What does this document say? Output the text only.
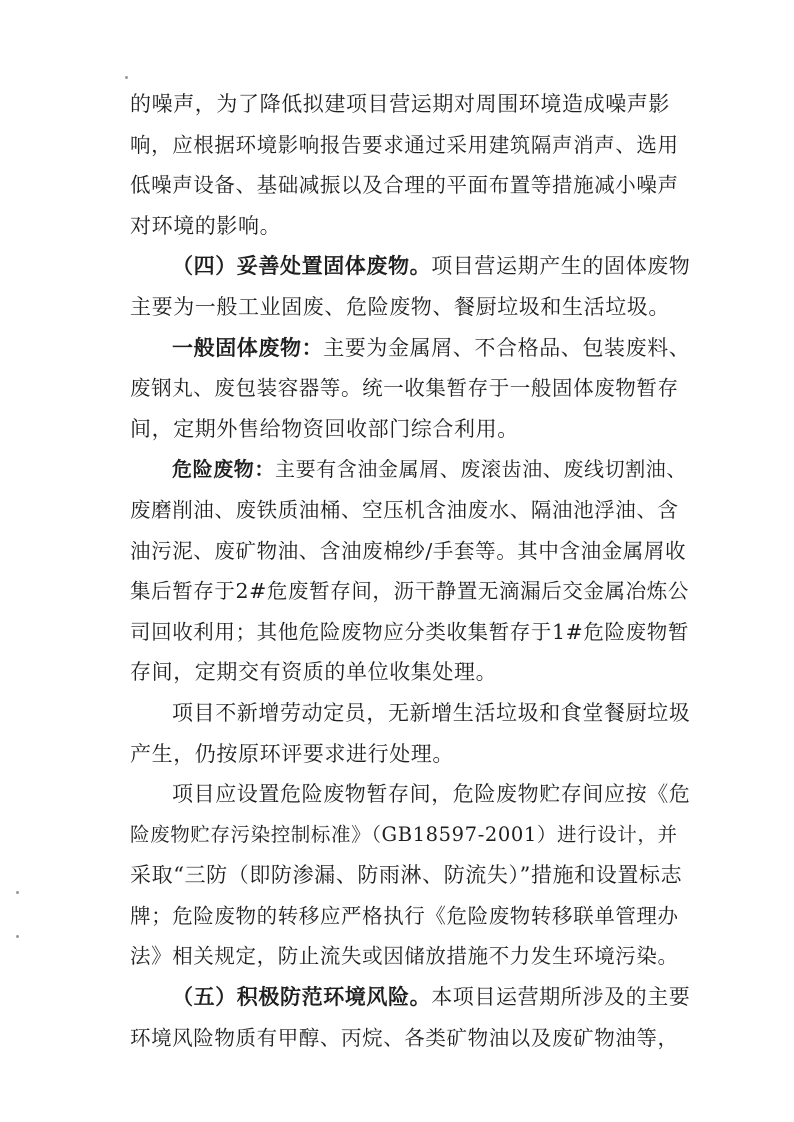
的噪声，为了降低拟建项目营运期对周围环境造成噪声影
响，应根据环境影响报告要求通过采用建筑隔声消声、选用
低噪声设备、基础减振以及合理的平面布置等措施减小噪声
对环境的影响。
（四）妥善处置固体废物。项目营运期产生的固体废物
主要为一般工业固废、危险废物、餐厨垃圾和生活垃圾。
一般固体废物：主要为金属屑、不合格品、包装废料、
废钢丸、废包装容器等。统一收集暂存于一般固体废物暂存
间，定期外售给物资回收部门综合利用。
危险废物：主要有含油金属屑、废滚齿油、废线切割油、
废磨削油、废铁质油桶、空压机含油废水、隔油池浮油、含
油污泥、废矿物油、含油废棉纱/手套等。其中含油金属屑收
集后暂存于2#危废暂存间，沥干静置无滴漏后交金属冶炼公
司回收利用；其他危险废物应分类收集暂存于1#危险废物暂
存间，定期交有资质的单位收集处理。
项目不新增劳动定员，无新增生活垃圾和食堂餐厨垃圾
产生，仍按原环评要求进行处理。
项目应设置危险废物暂存间，危险废物贮存间应按《危
险废物贮存污染控制标准》（GB18597-2001）进行设计，并
采取“三防（即防渗漏、防雨淋、防流失）”措施和设置标志
牌；危险废物的转移应严格执行《危险废物转移联单管理办
法》相关规定，防止流失或因储放措施不力发生环境污染。
（五）积极防范环境风险。本项目运营期所涉及的主要
环境风险物质有甲醇、丙烷、各类矿物油以及废矿物油等，
